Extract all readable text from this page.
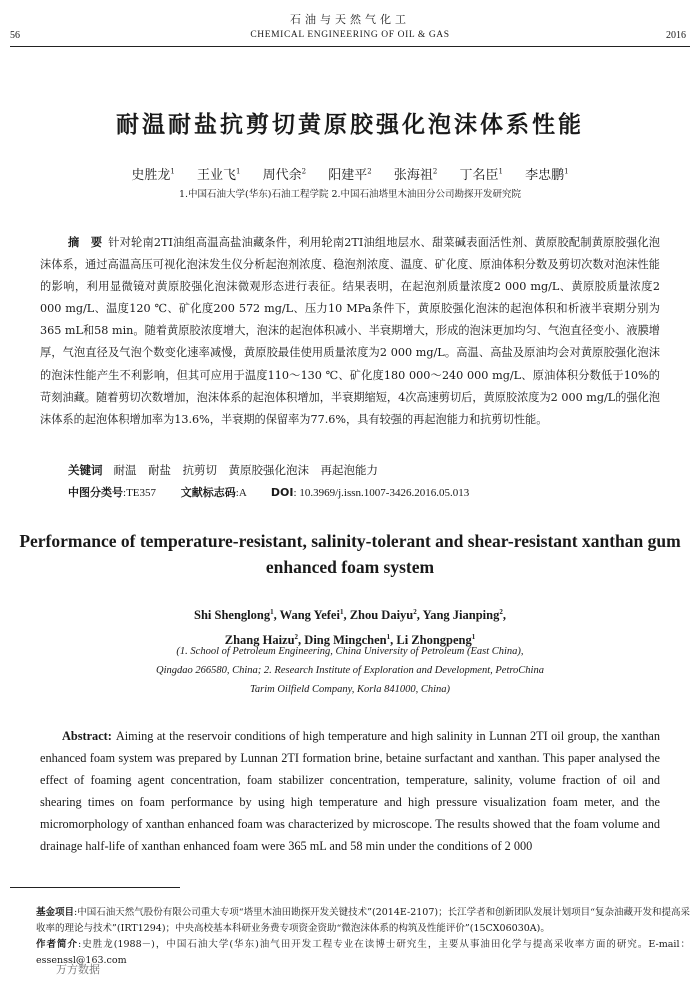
石油与天然气化工
56	CHEMICAL ENGINEERING OF OIL & GAS	2016
耐温耐盐抗剪切黄原胶强化泡沫体系性能
史胜龙$^1$ 王业飞$^1$ 周代余$^2$ 阳建平$^2$ 张海祖$^2$ 丁名臣$^1$ 李忠鹏$^1$
1.中国石油大学(华东)石油工程学院 2.中国石油塔里木油田分公司勘探开发研究院
摘　要 针对轮南2TI油组高温高盐油藏条件，利用轮南2TI油组地层水、甜菜碱表面活性剂、黄原胶配制黄原胶强化泡沫体系，通过高温高压可视化泡沫发生仪分析起泡剂浓度、稳泡剂浓度、温度、矿化度、原油体积分数及剪切次数对泡沫性能的影响，利用显微镜对黄原胶强化泡沫微观形态进行表征。结果表明，在起泡剂质量浓度2 000 mg/L、黄原胶质量浓度2 000 mg/L、温度120 ℃、矿化度200 572 mg/L、压力10 MPa条件下，黄原胶强化泡沫的起泡体积和析液半衰期分别为365 mL和58 min。随着黄原胶浓度增大，泡沫的起泡体积减小、半衰期增大，形成的泡沫更加均匀、气泡直径变小、液膜增厚，气泡直径及气泡个数变化速率减慢，黄原胶最佳使用质量浓度为2 000 mg/L。高温、高盐及原油均会对黄原胶强化泡沫的泡沫性能产生不利影响，但其可应用于温度110～130 ℃、矿化度180 000～240 000 mg/L、原油体积分数低于10%的苛刻油藏。随着剪切次数增加，泡沫体系的起泡体积增加，半衰期缩短，4次高速剪切后，黄原胶浓度为2 000 mg/L的强化泡沫体系的起泡体积增加率为13.6%，半衰期的保留率为77.6%，具有较强的再起泡能力和抗剪切性能。
关键词 耐温　耐盐　抗剪切　黄原胶强化泡沫　再起泡能力
中图分类号:TE357 文献标志码:A DOI: 10.3969/j.issn.1007-3426.2016.05.013
Performance of temperature-resistant, salinity-tolerant and shear-resistant xanthan gum enhanced foam system
Shi Shenglong$^1$, Wang Yefei$^1$, Zhou Daiyu$^2$, Yang Jianping$^2$,
Zhang Haizu$^2$, Ding Mingchen$^1$, Li Zhongpeng$^1$
(1. School of Petroleum Engineering, China University of Petroleum (East China),
Qingdao 266580, China; 2. Research Institute of Exploration and Development, PetroChina
Tarim Oilfield Company, Korla 841000, China)
Abstract: Aiming at the reservoir conditions of high temperature and high salinity in Lunnan 2TI oil group, the xanthan enhanced foam system was prepared by Lunnan 2TI formation brine, betaine surfactant and xanthan. This paper analysed the effect of foaming agent concentration, foam stabilizer concentration, temperature, salinity, volume fraction of oil and shearing times on foam performance by using high temperature and high pressure visualization foam meter, and the micromorphology of xanthan enhanced foam was characterized by microscope. The results showed that the foam volume and drainage half-life of xanthan enhanced foam were 365 mL and 58 min under the conditions of 2 000
基金项目:中国石油天然气股份有限公司重大专项“塔里木油田勘探开发关键技术”(2014E-2107)；长江学者和创新团队发展计划项目“复杂油藏开发和提高采收率的理论与技术”(IRT1294)；中央高校基本科研业务费专项资金资助“微泡沫体系的构筑及性能评价”(15CX06030A)。
作者简介:史胜龙(1988－)，中国石油大学(华东)油气田开发工程专业在读博士研究生，主要从事油田化学与提高采收率方面的研究。E-mail：essenssl@163.com
万方数据
